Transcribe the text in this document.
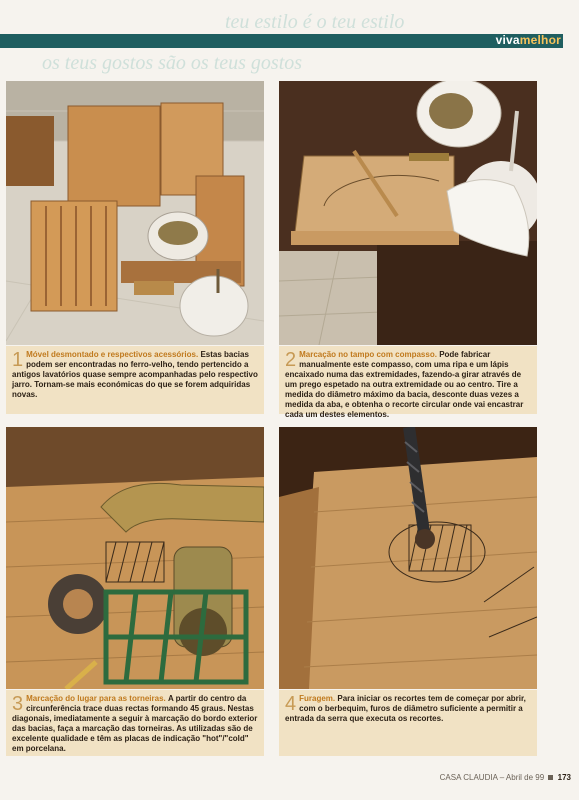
teu estilo é o teu estilo
vivamelhor
os teus gostos são os teus gostos
1 Móvel desmontado e respectivos acessórios. Estas bacias podem ser encontradas no ferro-velho, tendo pertencido a antigos lavatórios quase sempre acompanhadas pelo respectivo jarro. Tornam-se mais económicas do que se forem adquiridas novas.
2 Marcação no tampo com compasso. Pode fabricar manualmente este compasso, com uma ripa e um lápis encaixado numa das extremidades, fazendo-a girar através de um prego espetado na outra extremidade ou ao centro. Tire a medida do diâmetro máximo da bacia, desconte duas vezes a medida da aba, e obtenha o recorte circular onde vai encastrar cada um destes elementos.
3 Marcação do lugar para as torneiras. A partir do centro da circunferência trace duas rectas formando 45 graus. Nestas diagonais, imediatamente a seguir à marcação do bordo exterior das bacias, faça a marcação das torneiras. As utilizadas são de excelente qualidade e têm as placas de indicação "hot"/"cold" em porcelana.
4 Furagem. Para iniciar os recortes tem de começar por abrir, com o berbequim, furos de diâmetro suficiente a permitir a entrada da serra que executa os recortes.
CASA CLAUDIA – Abril de 99 173
